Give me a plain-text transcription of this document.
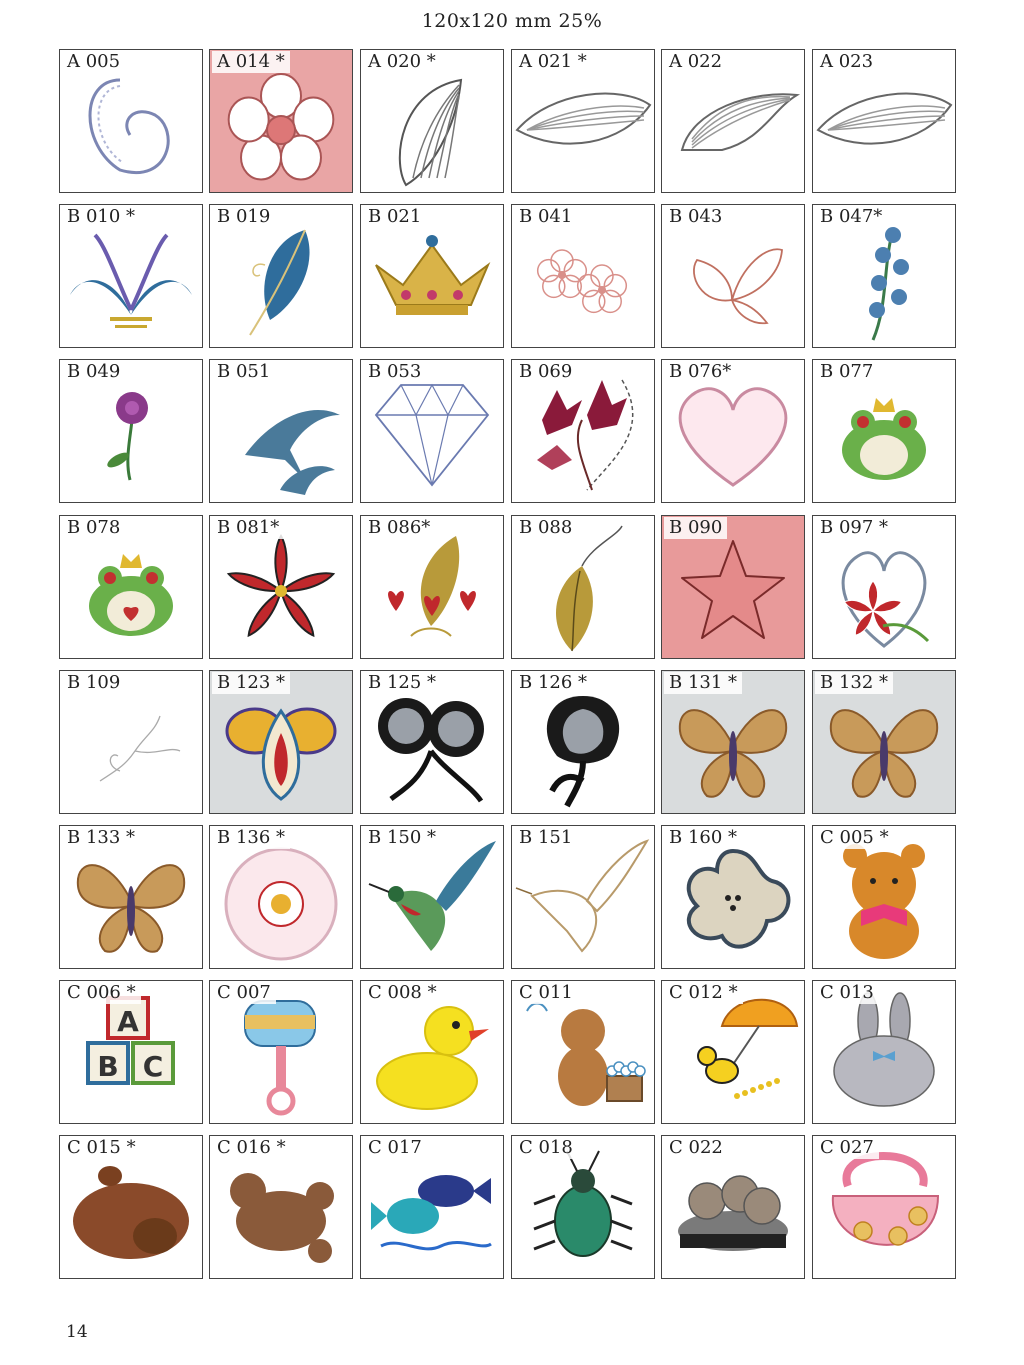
120x120 mm 25%
A 005	A 014 *	A 020 *	A 021 *	A 022	A 023
B 010 *	B 019	B 021	B 041	B 043	B 047*
B 049	B 051	B 053	B 069	B 076*	B 077
B 078	B 081*	B 086*	B 088	B 090	B 097 *
B 109	B 123 *	B 125 *	B 126 *	B 131 *	B 132 *
B 133 *	B 136 *	B 150 *	B 151	B 160 *	C 005 *
C 006 *
A
B C
C 007	C 008 *	C 011	C 012 *	C 013
C 015 *	C 016 *	C 017	C 018	C 022	C 027
14
